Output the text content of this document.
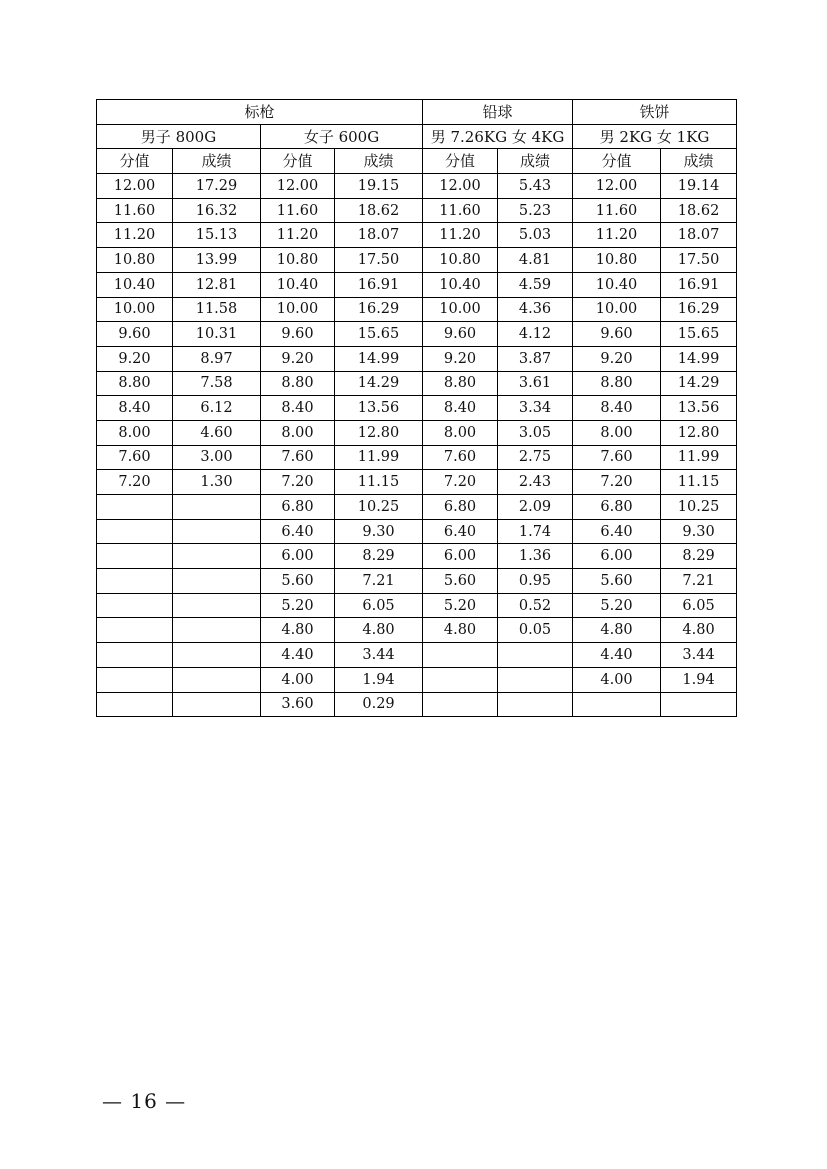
标枪				铅球		铁饼	
男子 800G		女子 600G		男 7.26KG 女 4KG		男 2KG 女 1KG	
分值	成绩	分值	成绩	分值	成绩	分值	成绩
12.00	17.29	12.00	19.15	12.00	5.43	12.00	19.14
11.60	16.32	11.60	18.62	11.60	5.23	11.60	18.62
11.20	15.13	11.20	18.07	11.20	5.03	11.20	18.07
10.80	13.99	10.80	17.50	10.80	4.81	10.80	17.50
10.40	12.81	10.40	16.91	10.40	4.59	10.40	16.91
10.00	11.58	10.00	16.29	10.00	4.36	10.00	16.29
9.60	10.31	9.60	15.65	9.60	4.12	9.60	15.65
9.20	8.97	9.20	14.99	9.20	3.87	9.20	14.99
8.80	7.58	8.80	14.29	8.80	3.61	8.80	14.29
8.40	6.12	8.40	13.56	8.40	3.34	8.40	13.56
8.00	4.60	8.00	12.80	8.00	3.05	8.00	12.80
7.60	3.00	7.60	11.99	7.60	2.75	7.60	11.99
7.20	1.30	7.20	11.15	7.20	2.43	7.20	11.15
		6.80	10.25	6.80	2.09	6.80	10.25
		6.40	9.30	6.40	1.74	6.40	9.30
		6.00	8.29	6.00	1.36	6.00	8.29
		5.60	7.21	5.60	0.95	5.60	7.21
		5.20	6.05	5.20	0.52	5.20	6.05
		4.80	4.80	4.80	0.05	4.80	4.80
		4.40	3.44			4.40	3.44
		4.00	1.94			4.00	1.94
		3.60	0.29				
— 16 —
